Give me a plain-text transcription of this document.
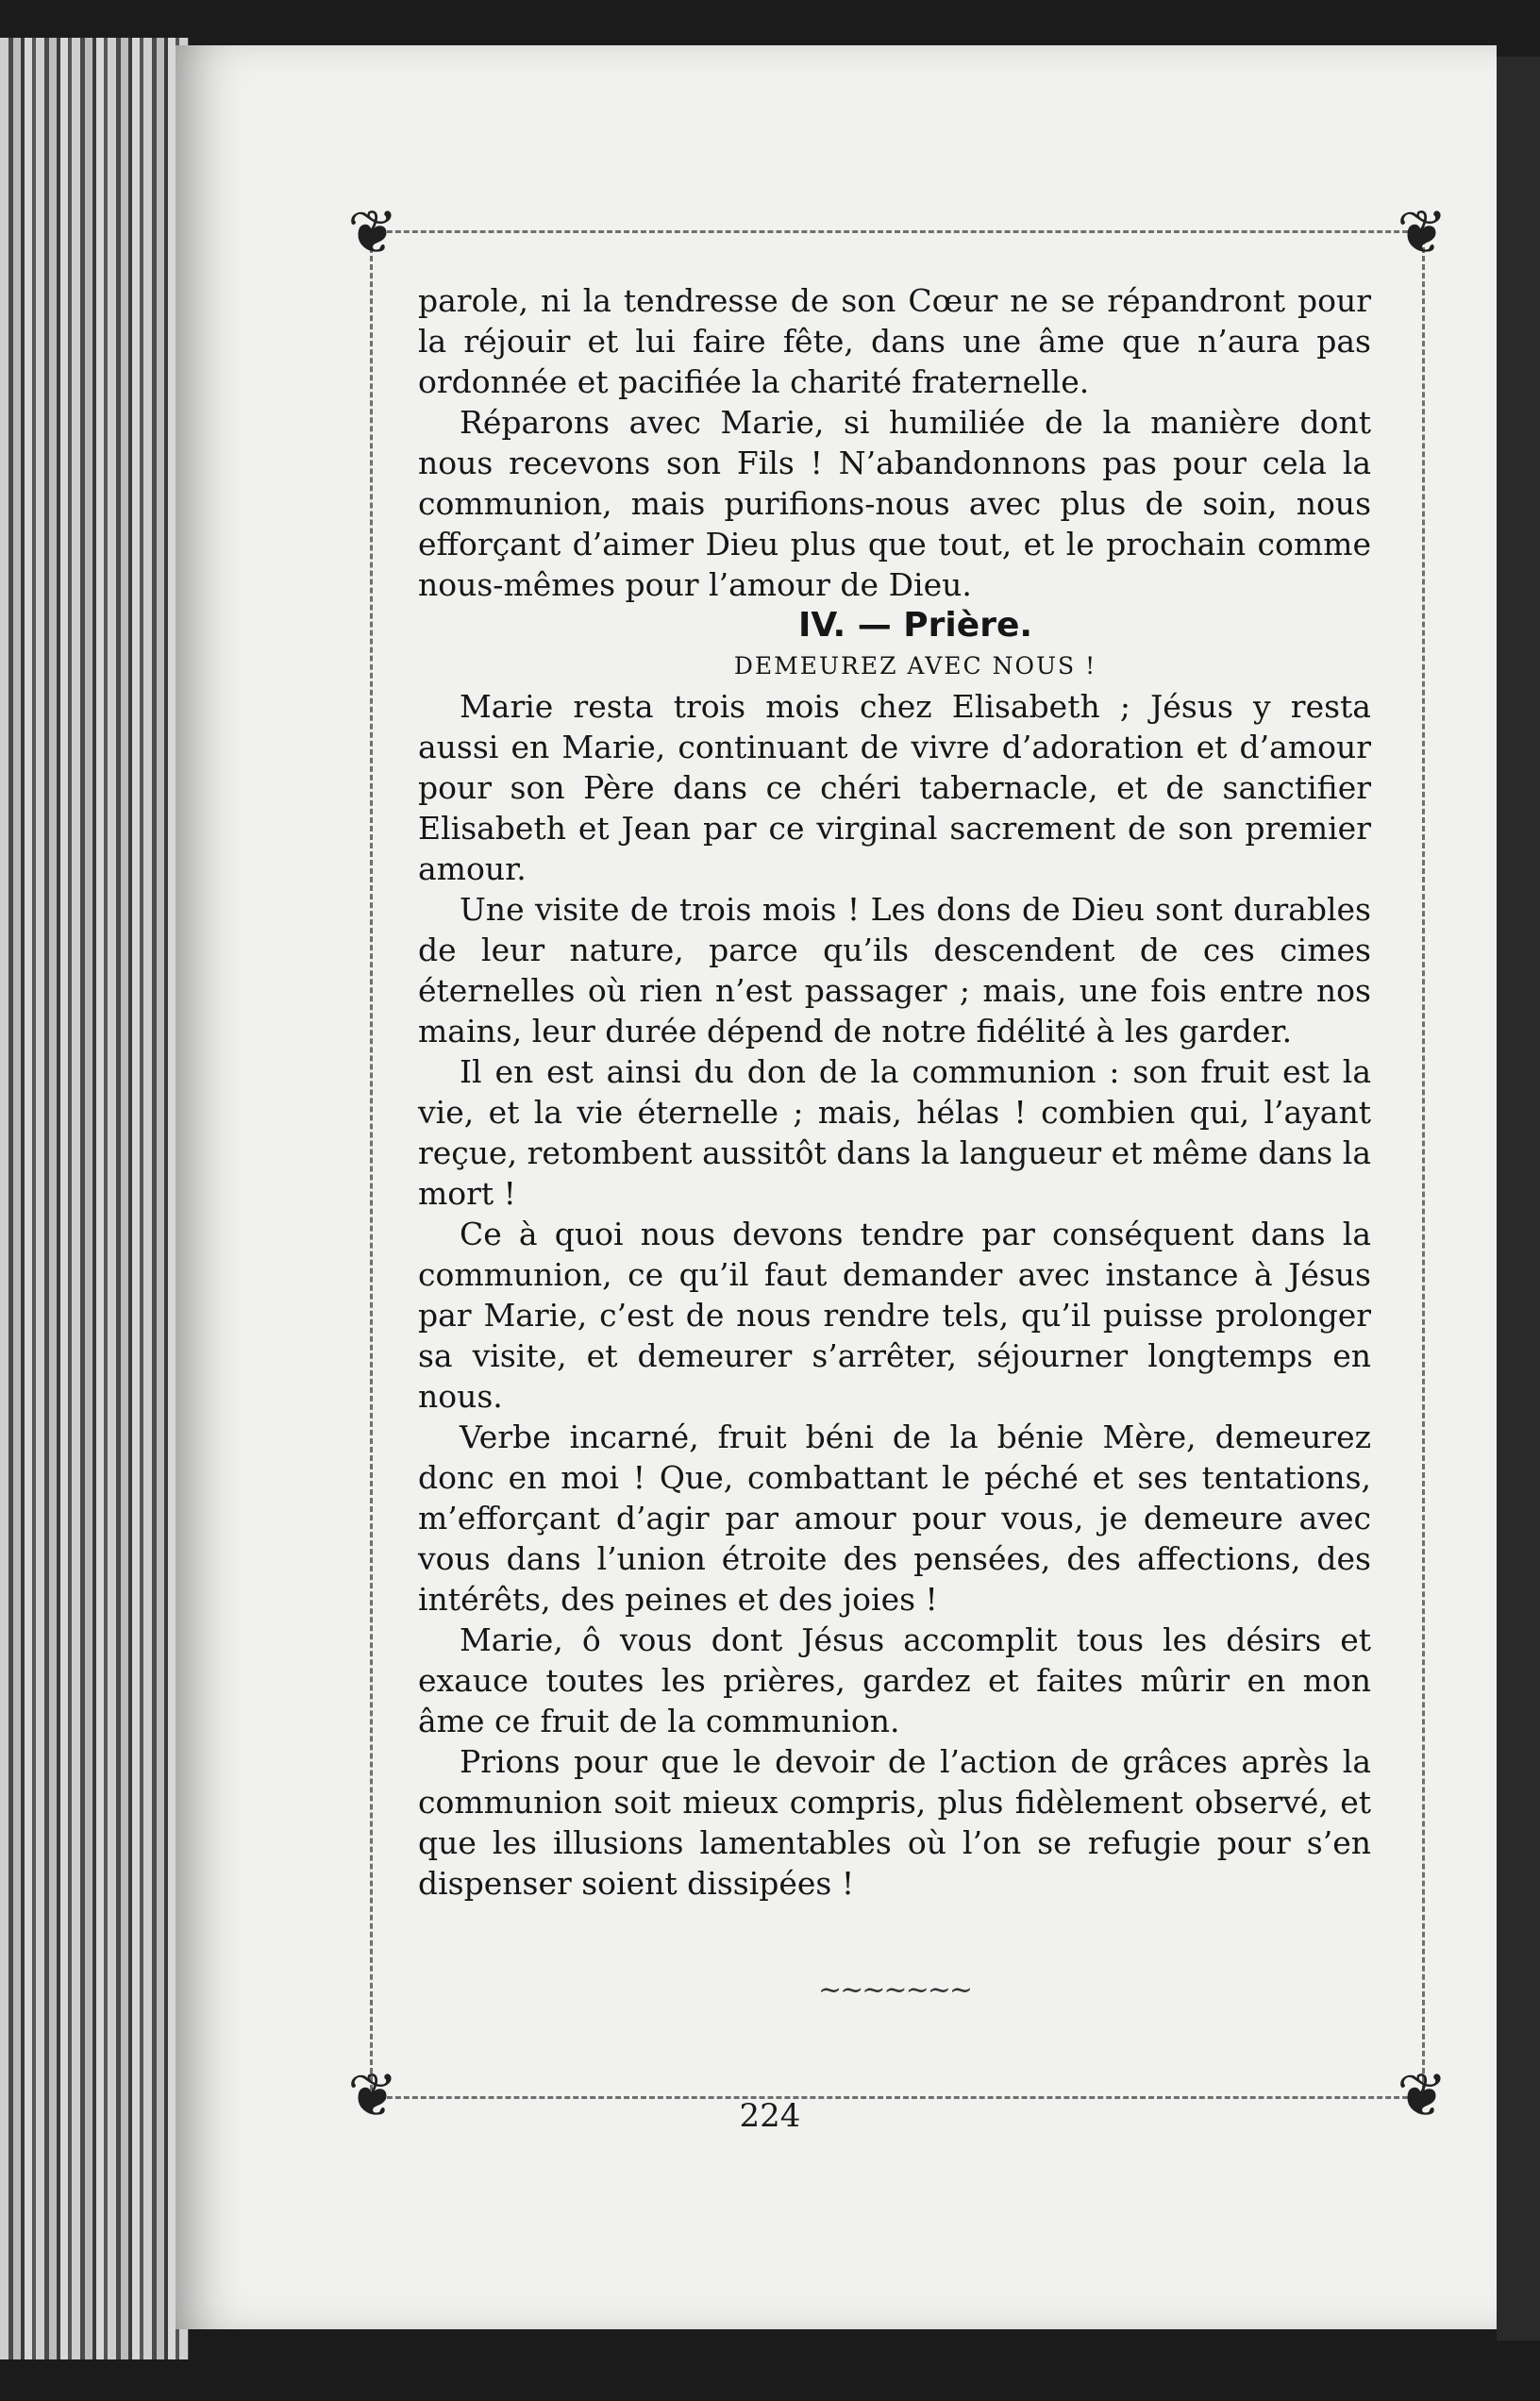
❦	❦
❦	❦

parole, ni la tendresse de son Cœur ne se répandront pour la réjouir et lui faire fête, dans une âme que n’aura pas ordonnée et pacifiée la charité fraternelle.

Réparons avec Marie, si humiliée de la manière dont nous recevons son Fils ! N’abandonnons pas pour cela la communion, mais purifions-nous avec plus de soin, nous efforçant d’aimer Dieu plus que tout, et le prochain comme nous-mêmes pour l’amour de Dieu.

IV. — Prière.

DEMEUREZ AVEC NOUS !

Marie resta trois mois chez Elisabeth ; Jésus y resta aussi en Marie, continuant de vivre d’adoration et d’amour pour son Père dans ce chéri tabernacle, et de sanctifier Elisabeth et Jean par ce virginal sacrement de son premier amour.

Une visite de trois mois ! Les dons de Dieu sont durables de leur nature, parce qu’ils descendent de ces cimes éternelles où rien n’est passager ; mais, une fois entre nos mains, leur durée dépend de notre fidélité à les garder.

Il en est ainsi du don de la communion : son fruit est la vie, et la vie éternelle ; mais, hélas ! combien qui, l’ayant reçue, retombent aussitôt dans la langueur et même dans la mort !

Ce à quoi nous devons tendre par conséquent dans la communion, ce qu’il faut demander avec instance à Jésus par Marie, c’est de nous rendre tels, qu’il puisse prolonger sa visite, et demeurer s’arrêter, séjourner longtemps en nous.

Verbe incarné, fruit béni de la bénie Mère, demeurez donc en moi ! Que, combattant le péché et ses tentations, m’efforçant d’agir par amour pour vous, je demeure avec vous dans l’union étroite des pensées, des affections, des intérêts, des peines et des joies !

Marie, ô vous dont Jésus accomplit tous les désirs et exauce toutes les prières, gardez et faites mûrir en mon âme ce fruit de la communion.

Prions pour que le devoir de l’action de grâces après la communion soit mieux compris, plus fidèlement observé, et que les illusions lamentables où l’on se refugie pour s’en dispenser soient dissipées !

~~~~~~~
224
